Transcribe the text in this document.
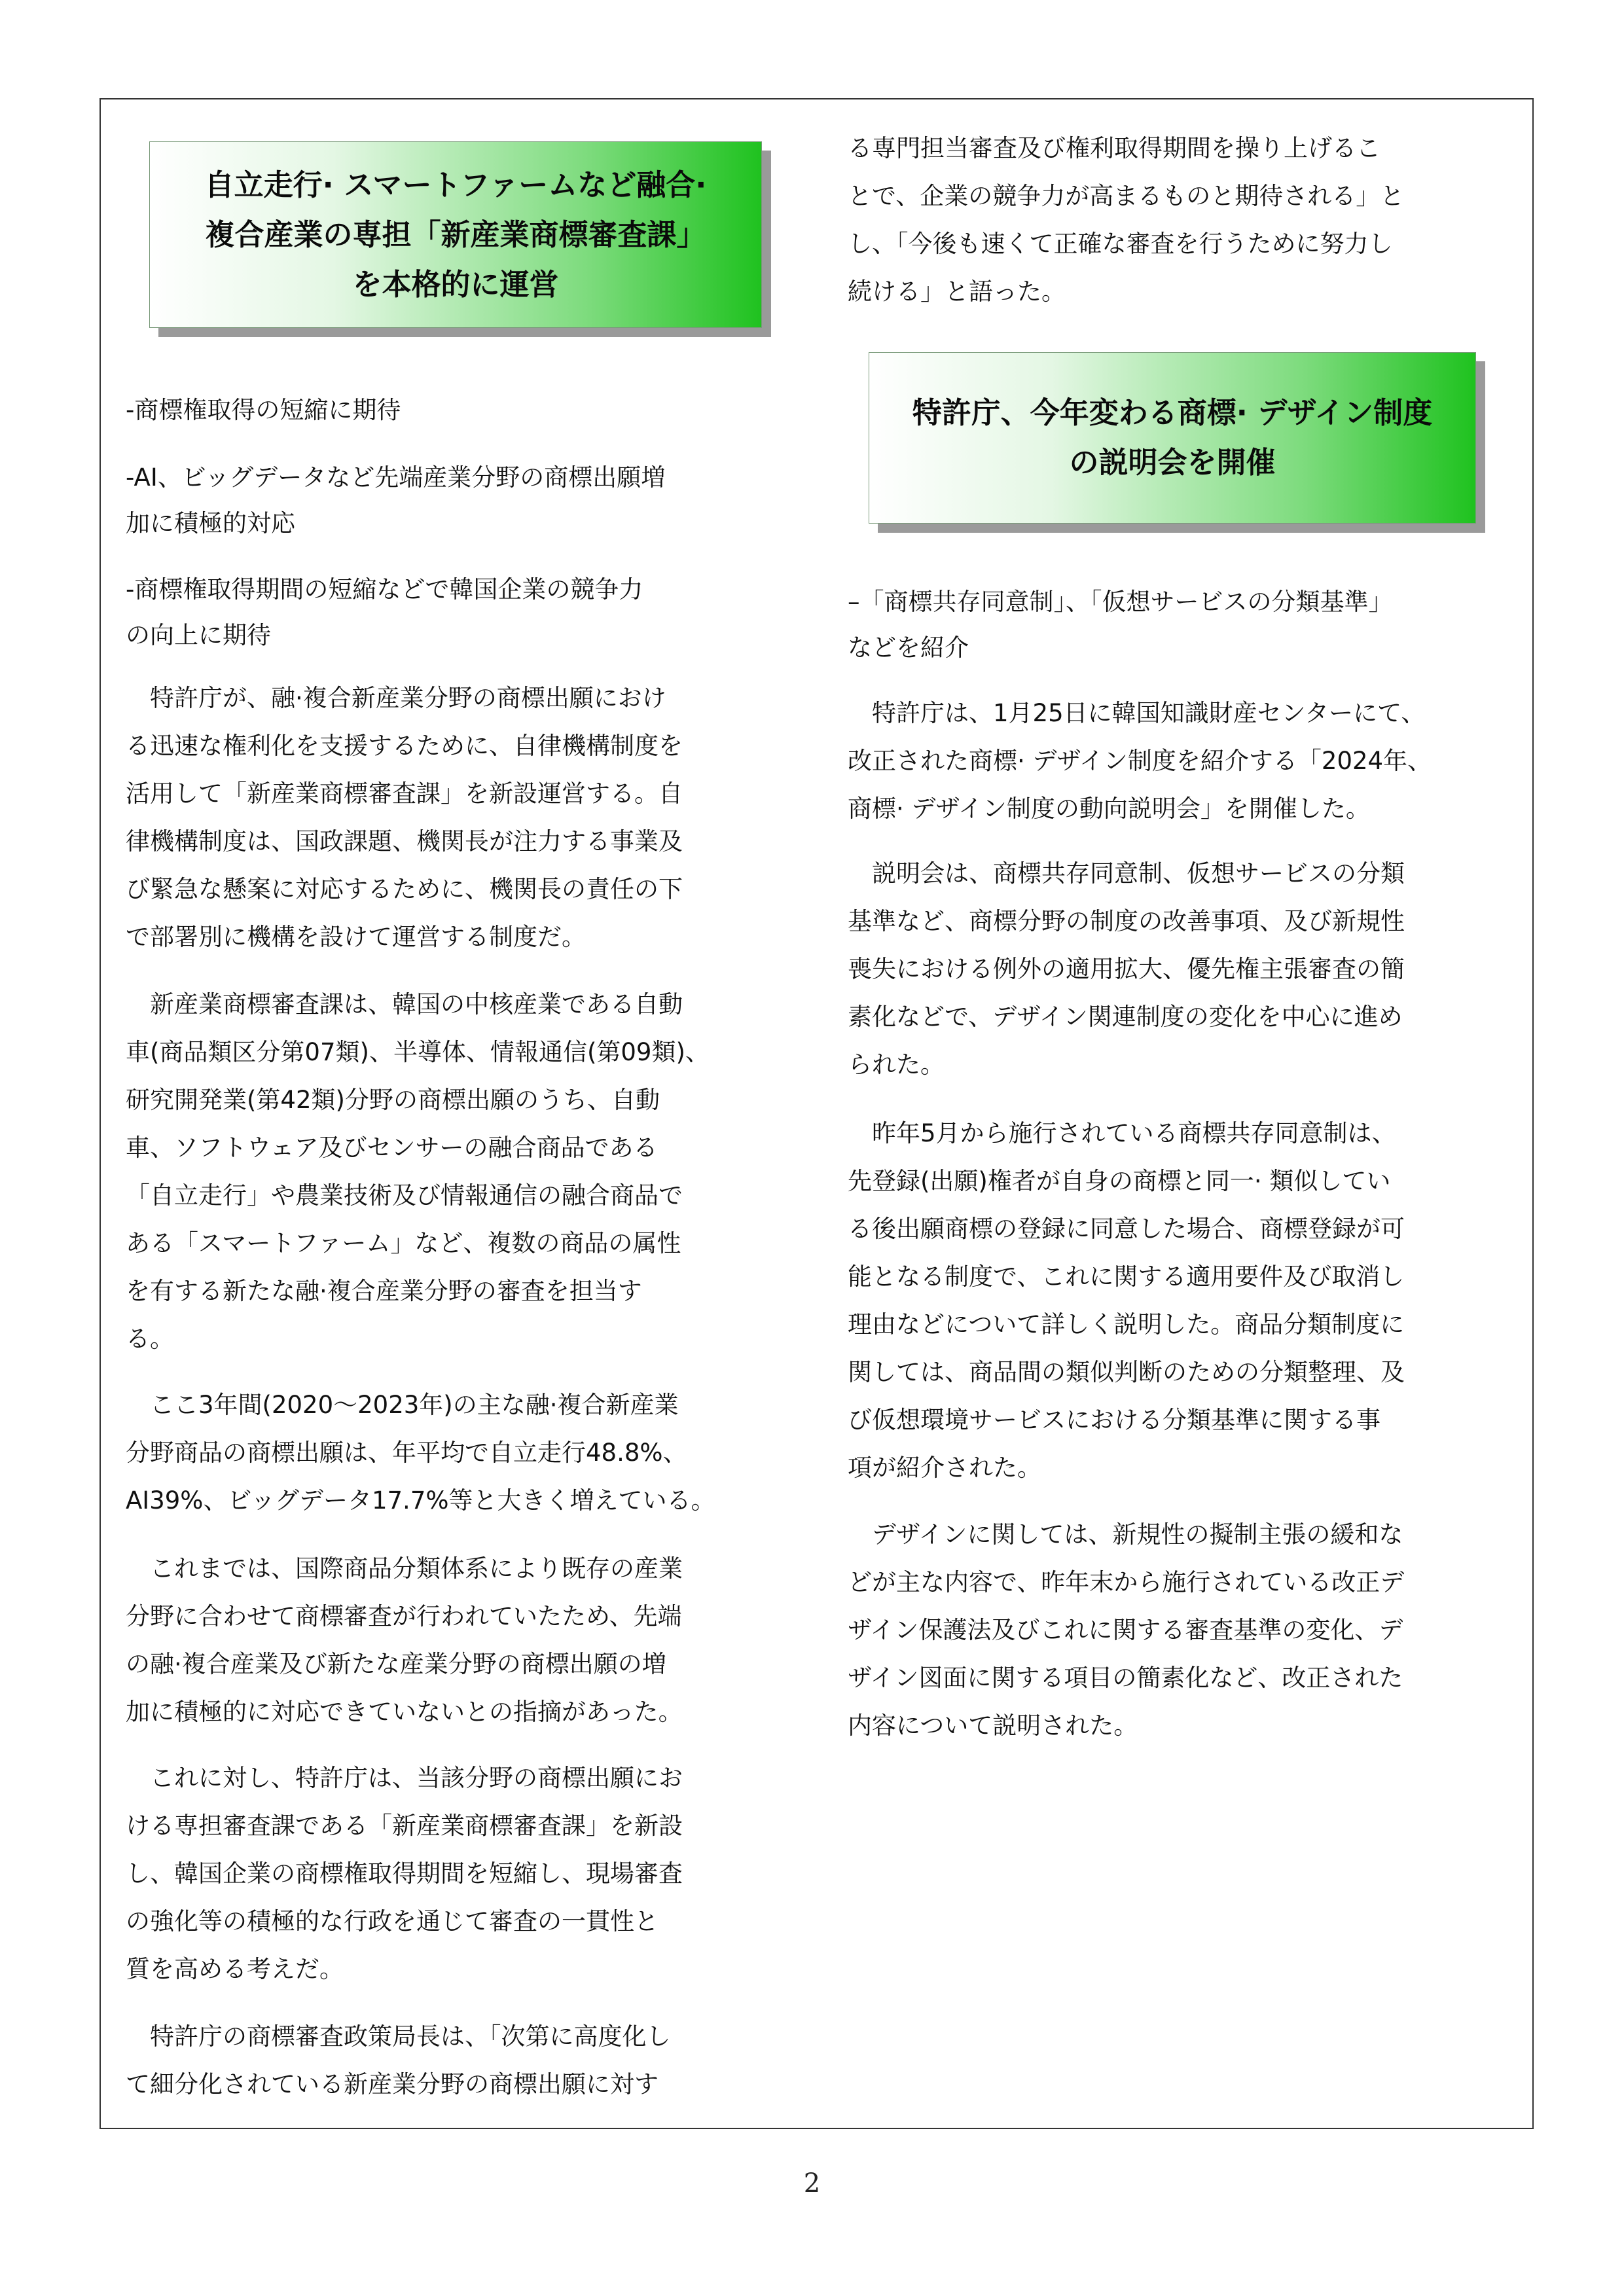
自立走行· スマートファームなど融合·
複合産業の専担「新産業商標審査課」
を本格的に運営
-商標権取得の短縮に期待
-AI、ビッグデータなど先端産業分野の商標出願増
加に積極的対応
-商標権取得期間の短縮などで韓国企業の競争力
の向上に期待
　特許庁が、融·複合新産業分野の商標出願におけ
る迅速な権利化を支援するために、自律機構制度を
活用して「新産業商標審査課」を新設運営する。自
律機構制度は、国政課題、機関長が注力する事業及
び緊急な懸案に対応するために、機関長の責任の下
で部署別に機構を設けて運営する制度だ。
　新産業商標審査課は、韓国の中核産業である自動
車(商品類区分第07類)、半導体、情報通信(第09類)、
研究開発業(第42類)分野の商標出願のうち、自動
車、ソフトウェア及びセンサーの融合商品である
「自立走行」や農業技術及び情報通信の融合商品で
ある「スマートファーム」など、複数の商品の属性
を有する新たな融·複合産業分野の審査を担当す
る。
　ここ3年間(2020～2023年)の主な融·複合新産業
分野商品の商標出願は、年平均で自立走行48.8%、
AI39%、ビッグデータ17.7%等と大きく増えている。
　これまでは、国際商品分類体系により既存の産業
分野に合わせて商標審査が行われていたため、先端
の融·複合産業及び新たな産業分野の商標出願の増
加に積極的に対応できていないとの指摘があった。
　これに対し、特許庁は、当該分野の商標出願にお
ける専担審査課である「新産業商標審査課」を新設
し、韓国企業の商標権取得期間を短縮し、現場審査
の強化等の積極的な行政を通じて審査の一貫性と
質を高める考えだ。
　特許庁の商標審査政策局長は、「次第に高度化し
て細分化されている新産業分野の商標出願に対す
る専門担当審査及び権利取得期間を操り上げるこ
とで、企業の競争力が高まるものと期待される」と
し、「今後も速くて正確な審査を行うために努力し
続ける」と語った。
特許庁、今年変わる商標· デザイン制度
の説明会を開催
–「商標共存同意制」、「仮想サービスの分類基準」
などを紹介
　特許庁は、1月25日に韓国知識財産センターにて、
改正された商標· デザイン制度を紹介する「2024年、
商標· デザイン制度の動向説明会」を開催した。
　説明会は、商標共存同意制、仮想サービスの分類
基準など、商標分野の制度の改善事項、及び新規性
喪失における例外の適用拡大、優先権主張審査の簡
素化などで、デザイン関連制度の変化を中心に進め
られた。
　昨年5月から施行されている商標共存同意制は、
先登録(出願)権者が自身の商標と同一· 類似してい
る後出願商標の登録に同意した場合、商標登録が可
能となる制度で、これに関する適用要件及び取消し
理由などについて詳しく説明した。商品分類制度に
関しては、商品間の類似判断のための分類整理、及
び仮想環境サービスにおける分類基準に関する事
項が紹介された。
　デザインに関しては、新規性の擬制主張の緩和な
どが主な内容で、昨年末から施行されている改正デ
ザイン保護法及びこれに関する審査基準の変化、デ
ザイン図面に関する項目の簡素化など、改正された
内容について説明された。
2
